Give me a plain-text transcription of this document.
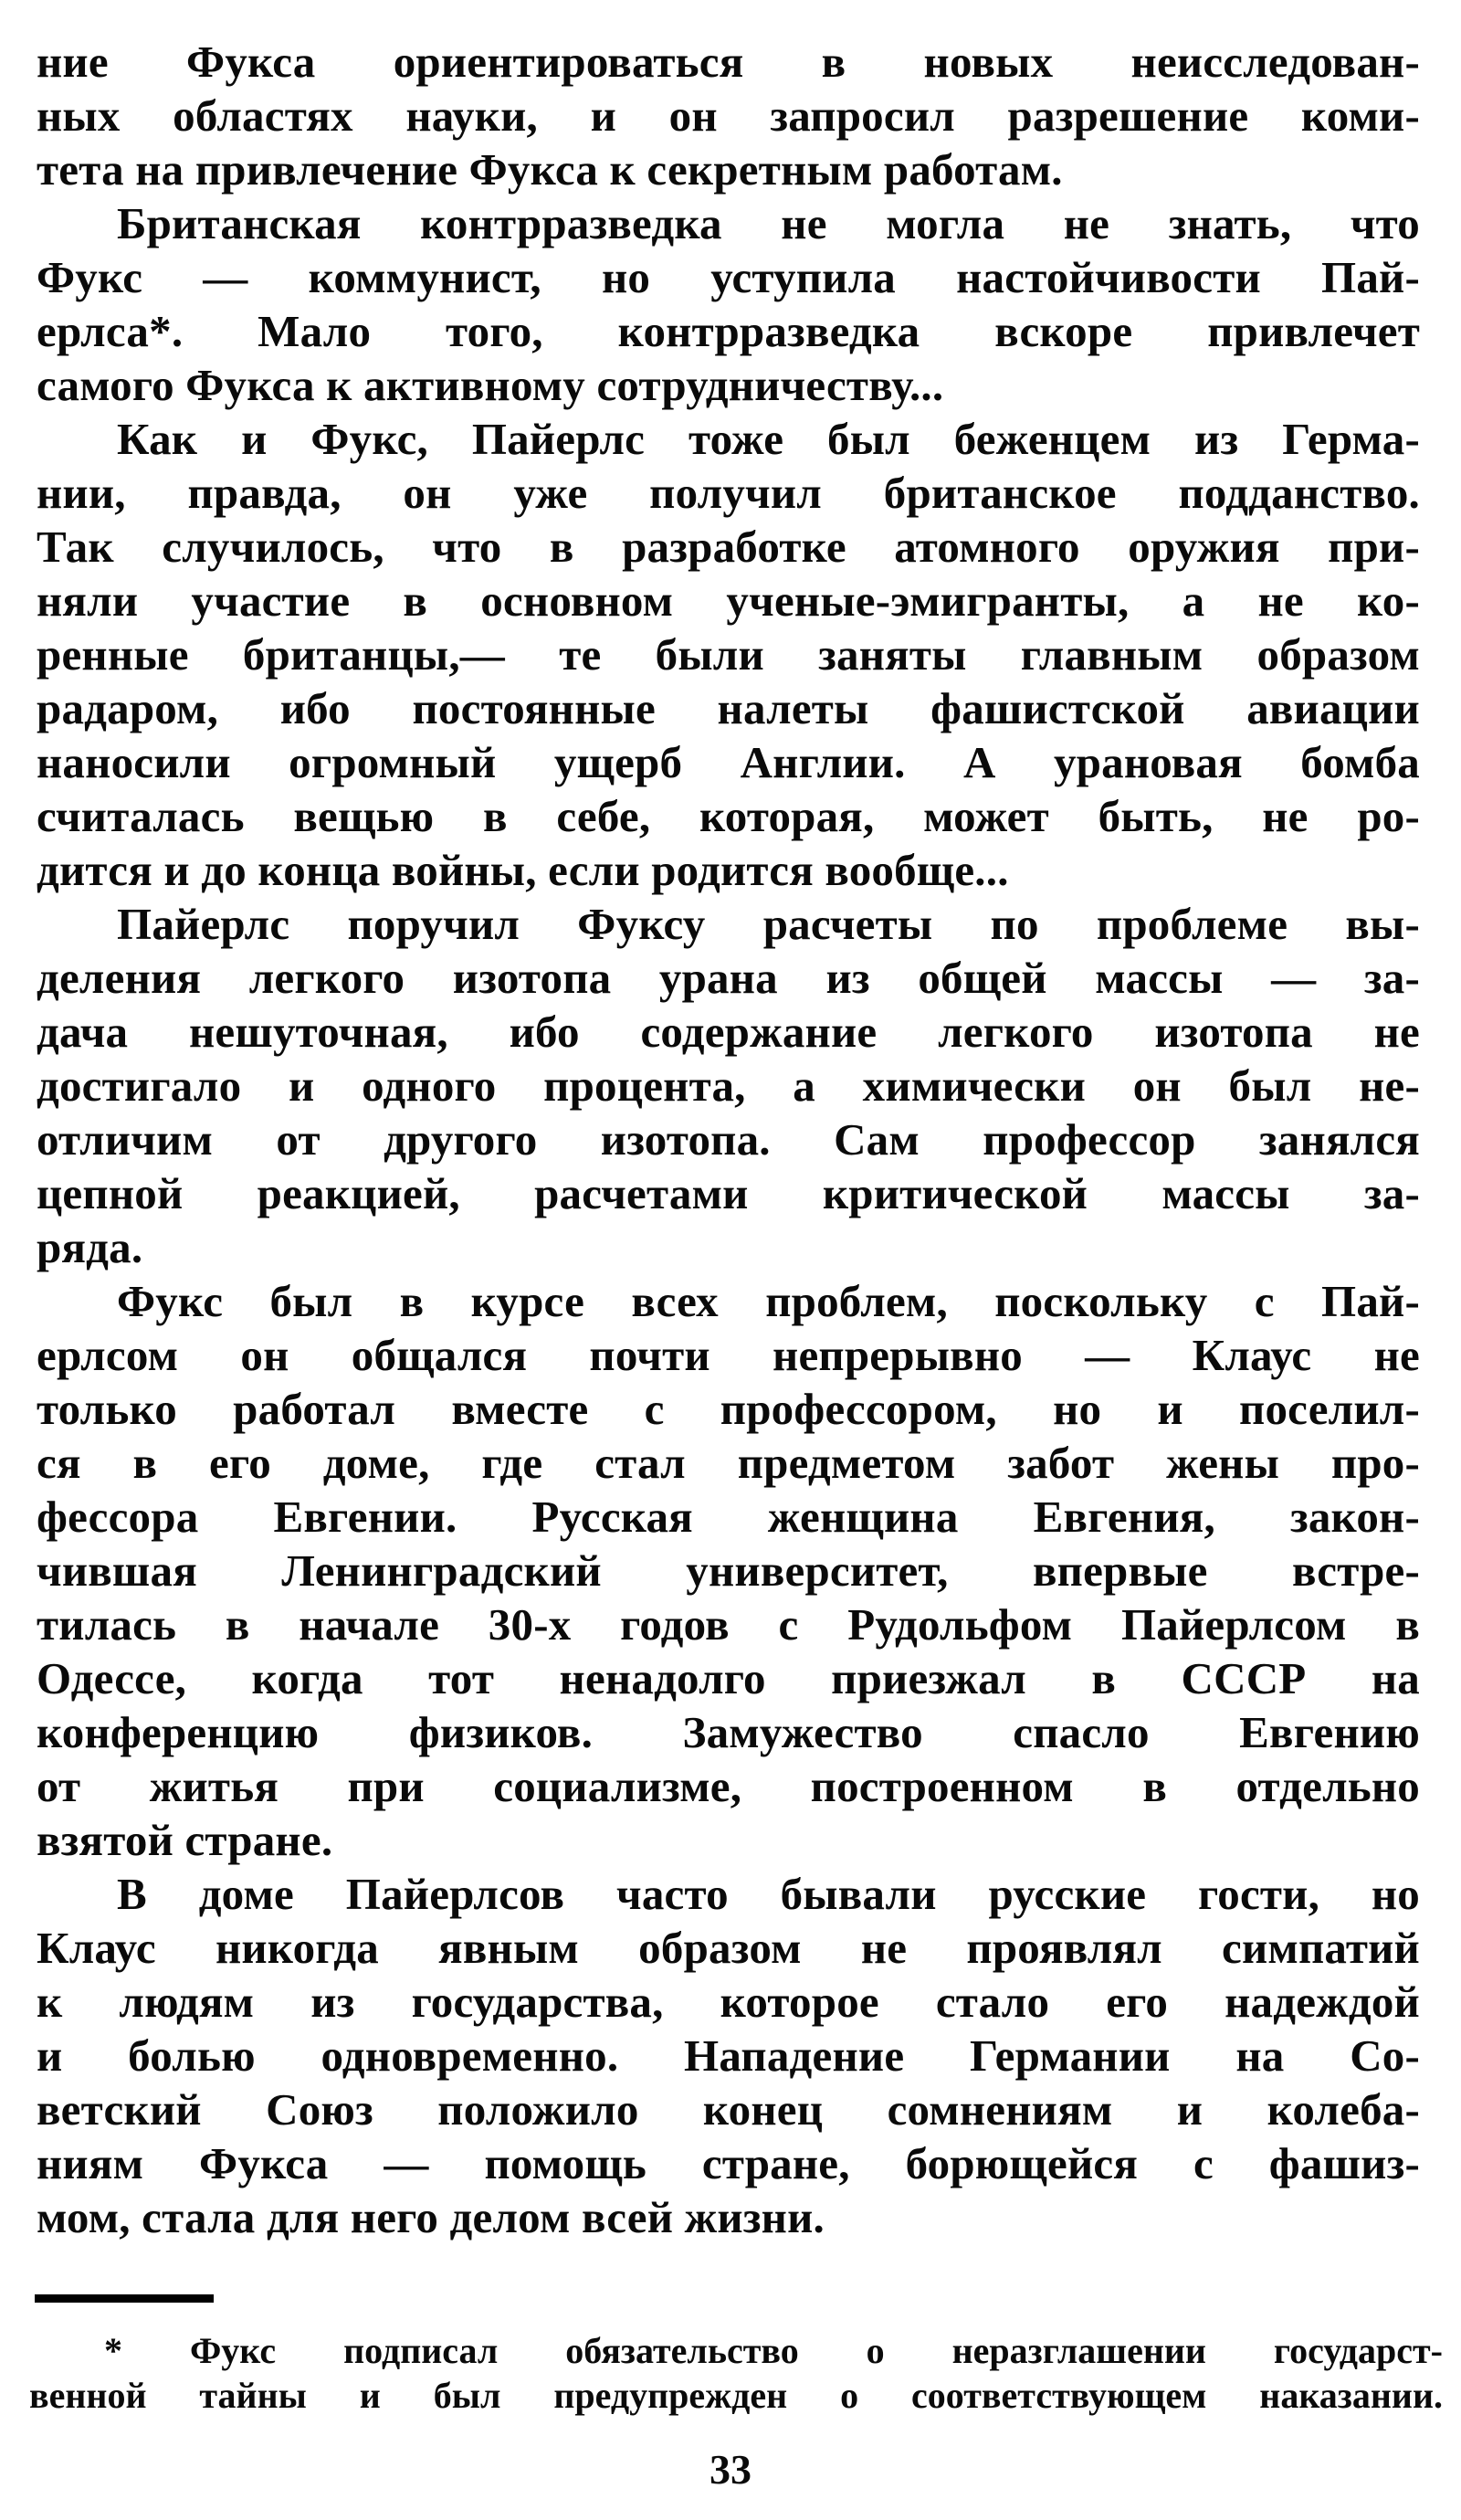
ние Фукса ориентироваться в новых неисследован-
ных областях науки, и он запросил разрешение коми-
тета на привлечение Фукса к секретным работам.
Британская контрразведка не могла не знать, что
Фукс — коммунист, но уступила настойчивости Пай-
ерлса*. Мало того, контрразведка вскоре привлечет
самого Фукса к активному сотрудничеству...
Как и Фукс, Пайерлс тоже был беженцем из Герма-
нии, правда, он уже получил британское подданство.
Так случилось, что в разработке атомного оружия при-
няли участие в основном ученые-эмигранты, а не ко-
ренные британцы,— те были заняты главным образом
радаром, ибо постоянные налеты фашистской авиации
наносили огромный ущерб Англии. А урановая бомба
считалась вещью в себе, которая, может быть, не ро-
дится и до конца войны, если родится вообще...
Пайерлс поручил Фуксу расчеты по проблеме вы-
деления легкого изотопа урана из общей массы — за-
дача нешуточная, ибо содержание легкого изотопа не
достигало и одного процента, а химически он был не-
отличим от другого изотопа. Сам профессор занялся
цепной реакцией, расчетами критической массы за-
ряда.
Фукс был в курсе всех проблем, поскольку с Пай-
ерлсом он общался почти непрерывно — Клаус не
только работал вместе с профессором, но и поселил-
ся в его доме, где стал предметом забот жены про-
фессора Евгении. Русская женщина Евгения, закон-
чившая Ленинградский университет, впервые встре-
тилась в начале 30-х годов с Рудольфом Пайерлсом в
Одессе, когда тот ненадолго приезжал в СССР на
конференцию физиков. Замужество спасло Евгению
от житья при социализме, построенном в отдельно
взятой стране.
В доме Пайерлсов часто бывали русские гости, но
Клаус никогда явным образом не проявлял симпатий
к людям из государства, которое стало его надеждой
и болью одновременно. Нападение Германии на Со-
ветский Союз положило конец сомнениям и колеба-
ниям Фукса — помощь стране, борющейся с фашиз-
мом, стала для него делом всей жизни.
* Фукс подписал обязательство о неразглашении государст-
венной тайны и был предупрежден о соответствующем наказании.
33
